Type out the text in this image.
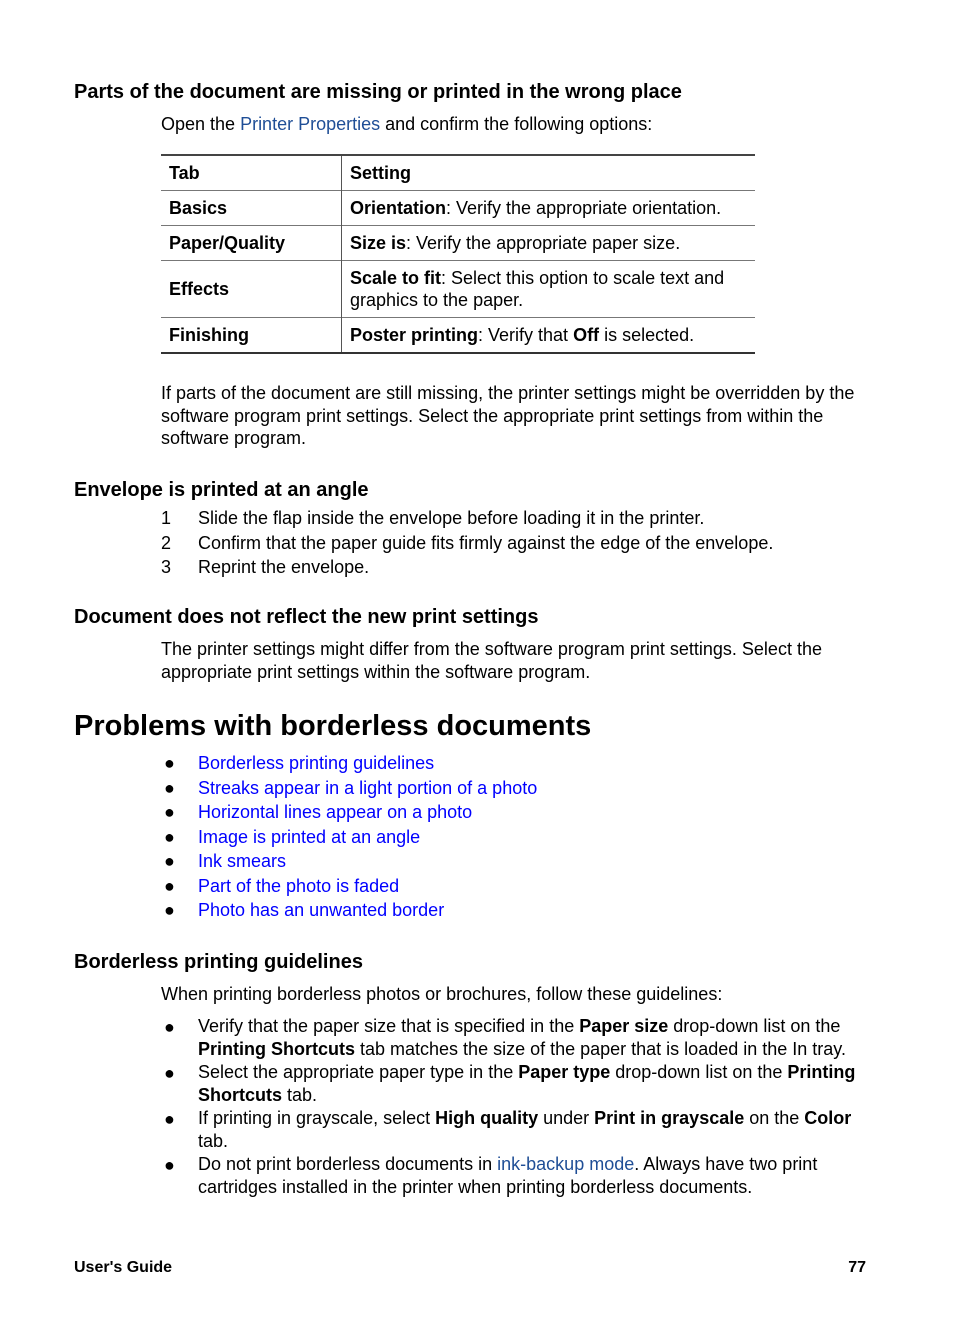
Parts of the document are missing or printed in the wrong place

Open the Printer Properties and confirm the following options:

Tab	Setting
Basics	Orientation: Verify the appropriate orientation.
Paper/Quality	Size is: Verify the appropriate paper size.
Effects	Scale to fit: Select this option to scale text and graphics to the paper.
Finishing	Poster printing: Verify that Off is selected.

If parts of the document are still missing, the printer settings might be overridden by the software program print settings. Select the appropriate print settings from within the software program.

Envelope is printed at an angle
1	Slide the flap inside the envelope before loading it in the printer.
2	Confirm that the paper guide fits firmly against the edge of the envelope.
3	Reprint the envelope.
Document does not reflect the new print settings

The printer settings might differ from the software program print settings. Select the appropriate print settings within the software program.

Problems with borderless documents
●	Borderless printing guidelines
●	Streaks appear in a light portion of a photo
●	Horizontal lines appear on a photo
●	Image is printed at an angle
●	Ink smears
●	Part of the photo is faded
●	Photo has an unwanted border
Borderless printing guidelines

When printing borderless photos or brochures, follow these guidelines:

●	Verify that the paper size that is specified in the Paper size drop-down list on the Printing Shortcuts tab matches the size of the paper that is loaded in the In tray.
●	Select the appropriate paper type in the Paper type drop-down list on the Printing Shortcuts tab.
●	If printing in grayscale, select High quality under Print in grayscale on the Color tab.
●	Do not print borderless documents in ink-backup mode. Always have two print cartridges installed in the printer when printing borderless documents.
User's Guide	77
